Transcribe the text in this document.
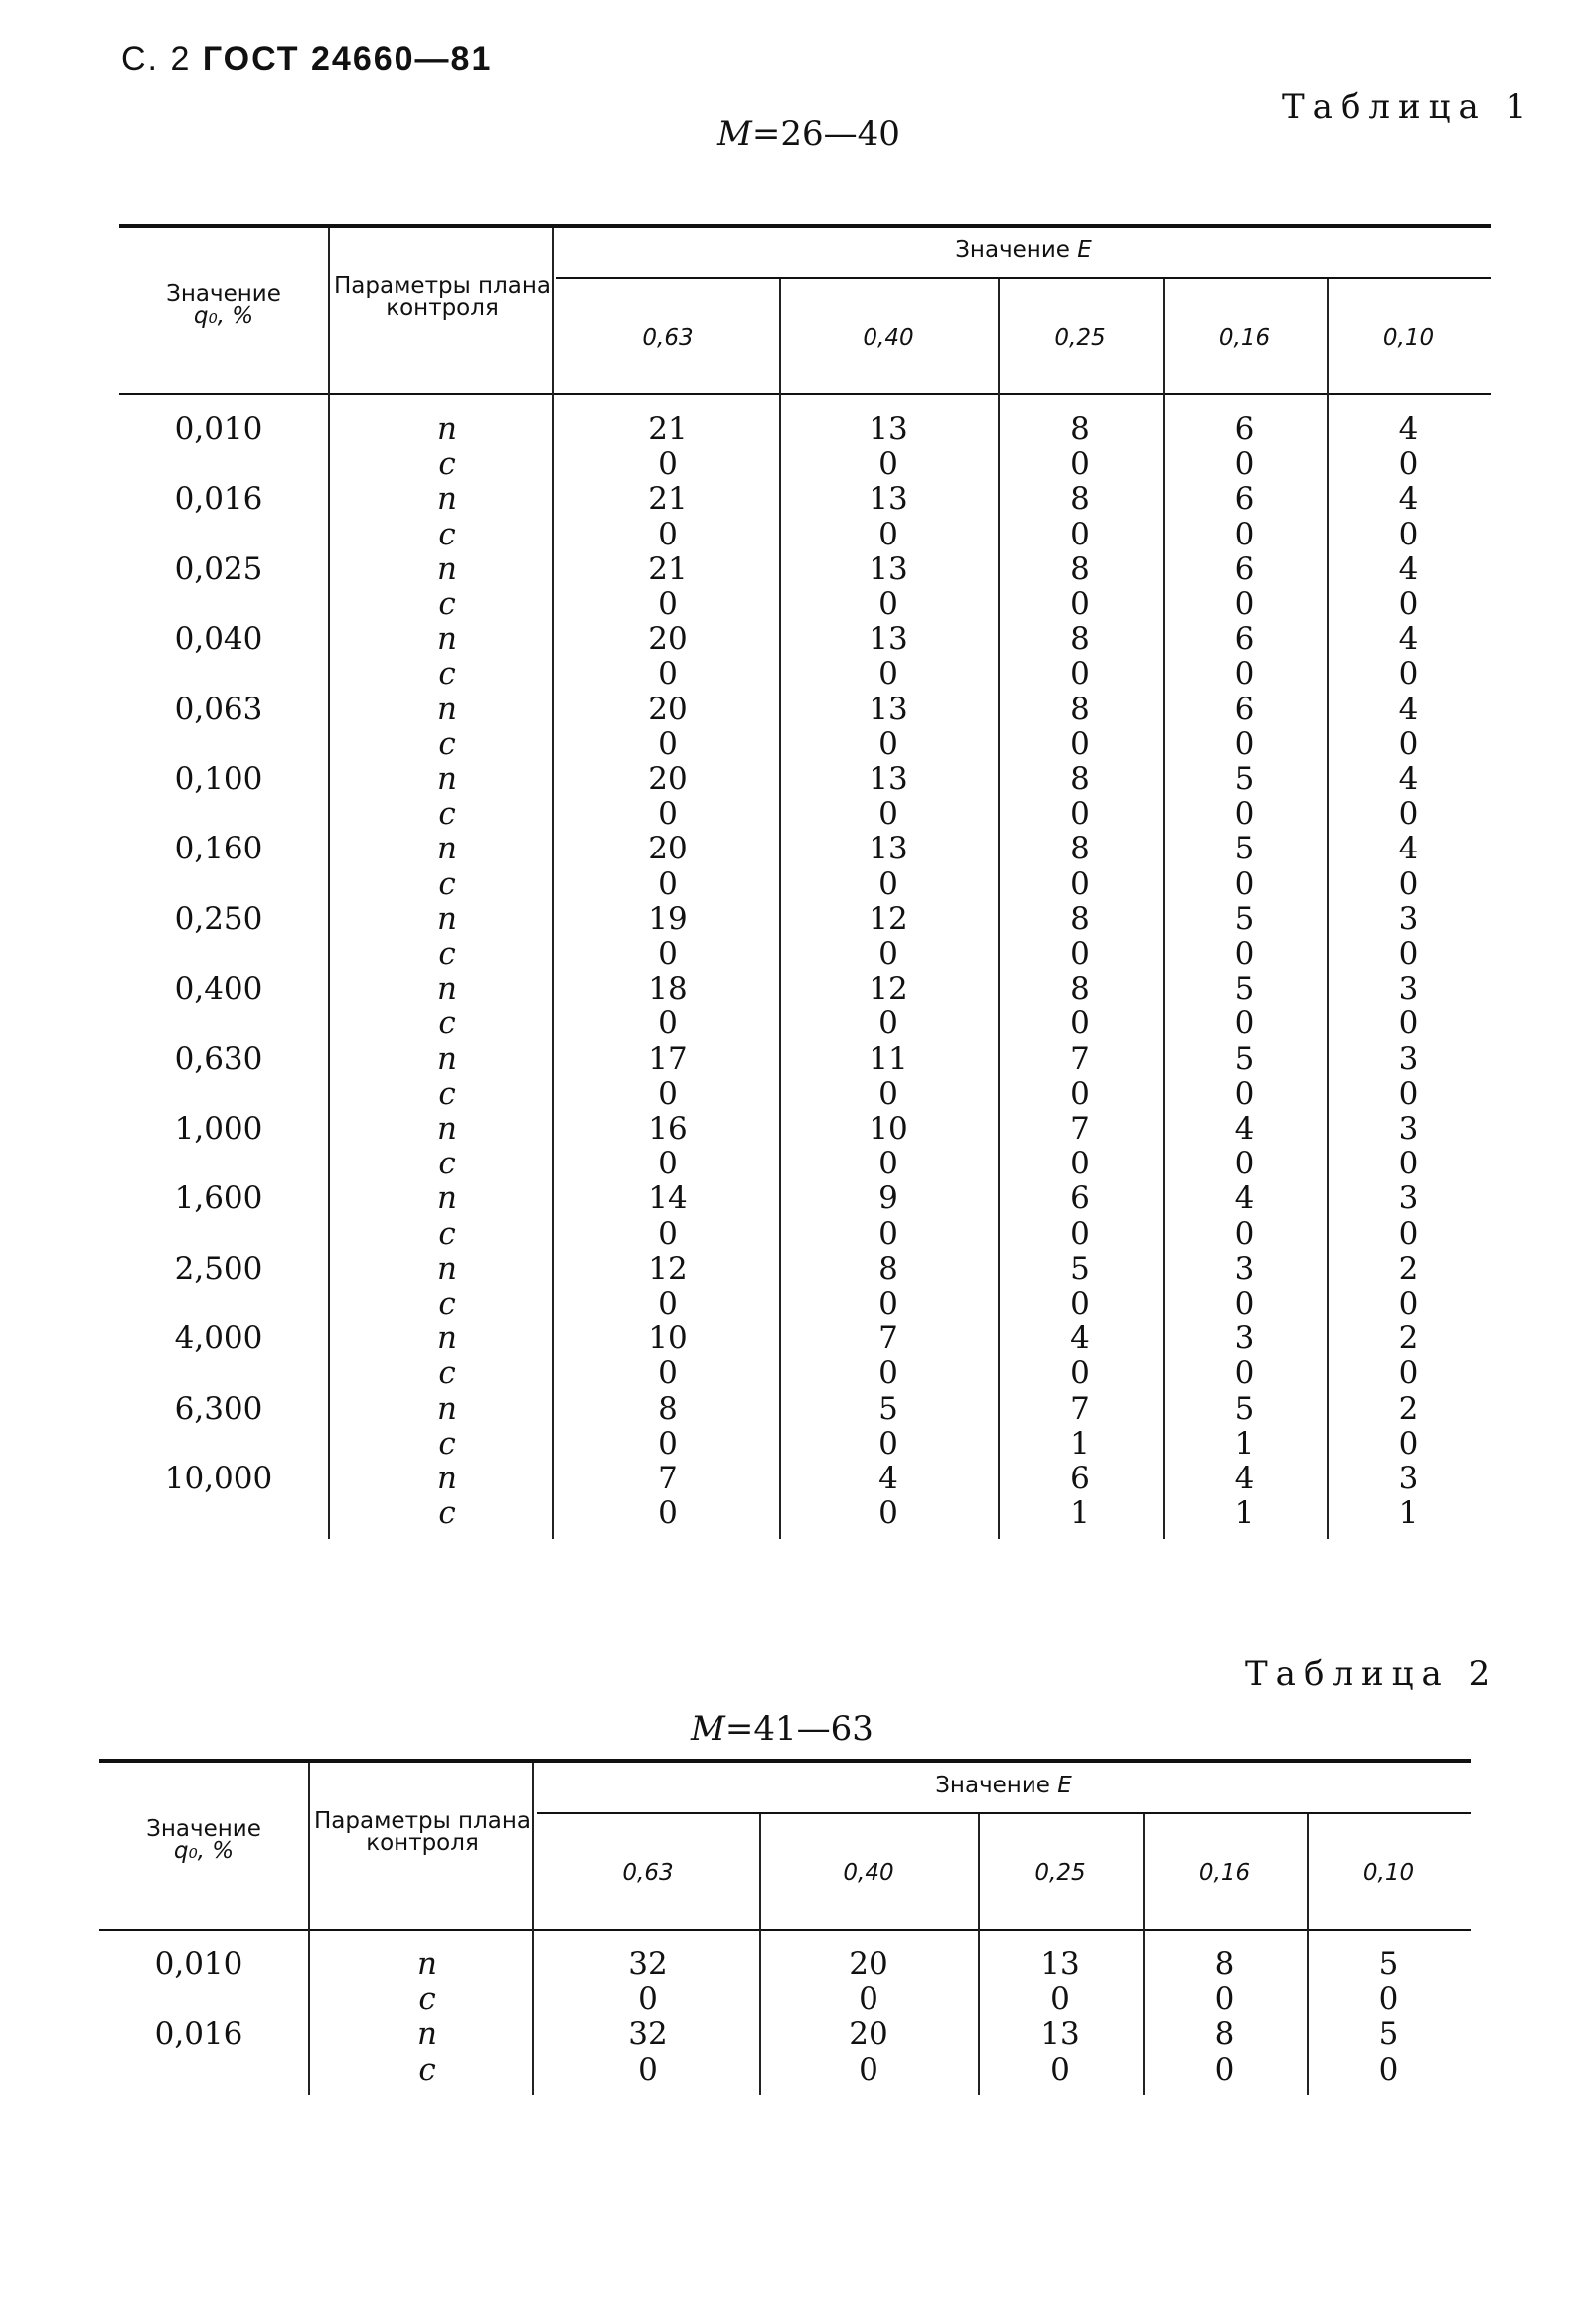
С. 2 ГОСТ 24660—81
Таблица 1
M=26—40
Значение
q₀, %
Параметры плана контроля
Значение E
0,63	0,40	0,25	0,16	0,10
0,010	n	21	13	8	6	4
c	0	0	0	0	0
0,016	n	21	13	8	6	4
c	0	0	0	0	0
0,025	n	21	13	8	6	4
c	0	0	0	0	0
0,040	n	20	13	8	6	4
c	0	0	0	0	0
0,063	n	20	13	8	6	4
c	0	0	0	0	0
0,100	n	20	13	8	5	4
c	0	0	0	0	0
0,160	n	20	13	8	5	4
c	0	0	0	0	0
0,250	n	19	12	8	5	3
c	0	0	0	0	0
0,400	n	18	12	8	5	3
c	0	0	0	0	0
0,630	n	17	11	7	5	3
c	0	0	0	0	0
1,000	n	16	10	7	4	3
c	0	0	0	0	0
1,600	n	14	9	6	4	3
c	0	0	0	0	0
2,500	n	12	8	5	3	2
c	0	0	0	0	0
4,000	n	10	7	4	3	2
c	0	0	0	0	0
6,300	n	8	5	7	5	2
c	0	0	1	1	0
10,000	n	7	4	6	4	3
c	0	0	1	1	1
Таблица 2
M=41—63
Значение
q₀, %
Параметры плана контроля
Значение E
0,63	0,40	0,25	0,16	0,10
0,010	n	32	20	13	8	5
c	0	0	0	0	0
0,016	n	32	20	13	8	5
c	0	0	0	0	0
